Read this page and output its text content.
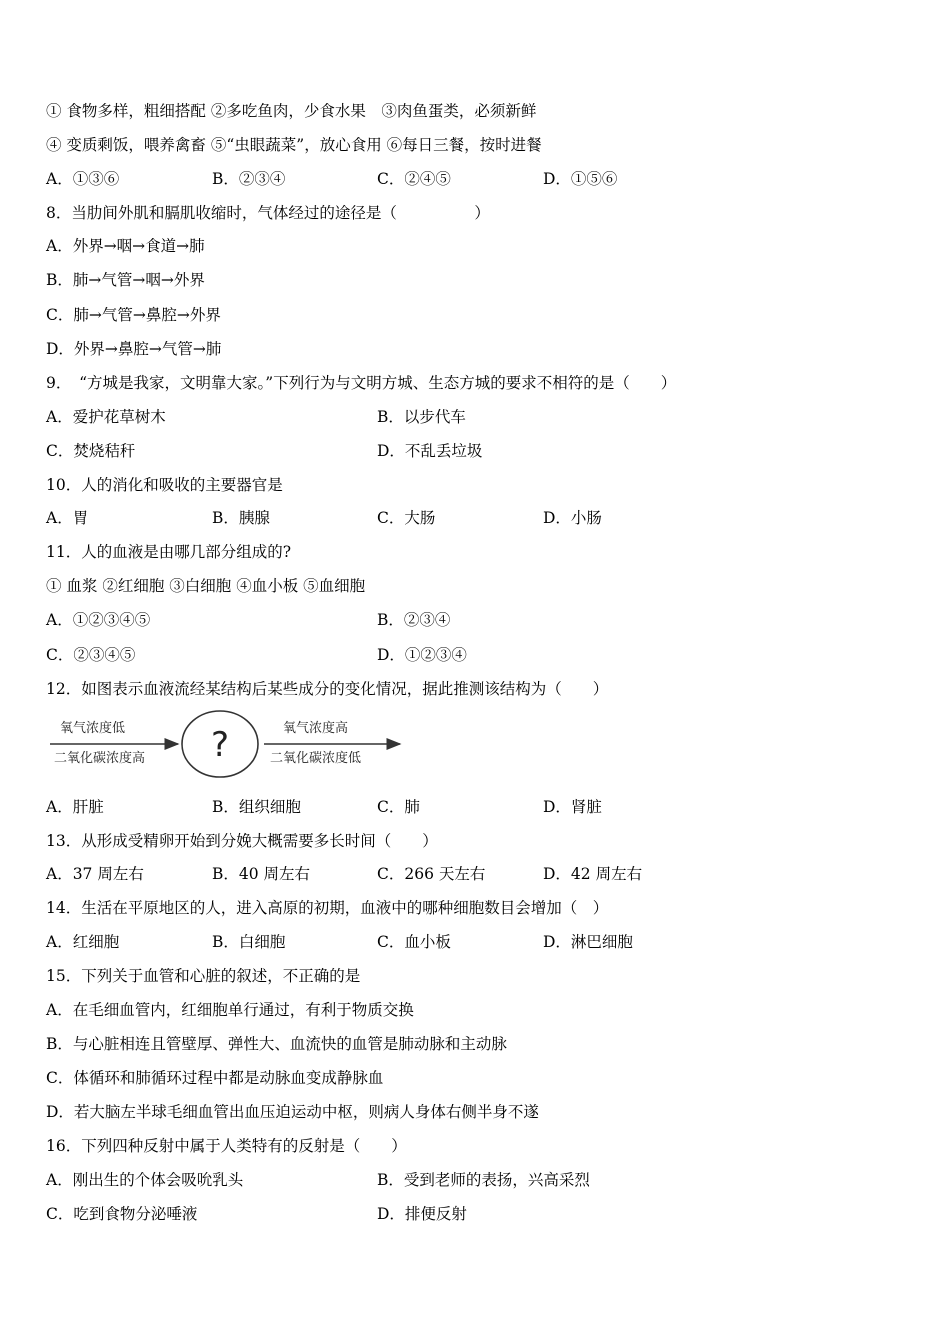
① 食物多样，粗细搭配 ②多吃鱼肉，少食水果　③肉鱼蛋类，必须新鲜
④ 变质剩饭，喂养禽畜 ⑤“虫眼蔬菜”，放心食用 ⑥每日三餐，按时进餐
A．①③⑥	B．②③④	C．②④⑤	D．①⑤⑥
8．当肋间外肌和膈肌收缩时，气体经过的途径是（　　　　　）
A．外界→咽→食道→肺
B．肺→气管→咽→外界
C．肺→气管→鼻腔→外界
D．外界→鼻腔→气管→肺
9．　“方城是我家，文明靠大家。”下列行为与文明方城、生态方城的要求不相符的是（　　）
A．爱护花草树木	B．以步代车
C．焚烧秸秆	D．不乱丢垃圾
10．人的消化和吸收的主要器官是
A．胃	B．胰腺	C．大肠	D．小肠
11．人的血液是由哪几部分组成的?
① 血浆 ②红细胞 ③白细胞 ④血小板 ⑤血细胞
A．①②③④⑤	B．②③④
C．②③④⑤	D．①②③④
12．如图表示血液流经某结构后某些成分的变化情况，据此推测该结构为（　　）
氧气浓度低
二氧化碳浓度高 ?	氧气浓度高
二氧化碳浓度低
A．肝脏	B．组织细胞	C．肺	D．肾脏
13．从形成受精卵开始到分娩大概需要多长时间（　　）
A．37 周左右	B．40 周左右	C．266 天左右	D．42 周左右
14．生活在平原地区的人，进入高原的初期，血液中的哪种细胞数目会增加（　）
A．红细胞	B．白细胞	C．血小板	D．淋巴细胞
15．下列关于血管和心脏的叙述，不正确的是
A．在毛细血管内，红细胞单行通过，有利于物质交换
B．与心脏相连且管壁厚、弹性大、血流快的血管是肺动脉和主动脉
C．体循环和肺循环过程中都是动脉血变成静脉血
D．若大脑左半球毛细血管出血压迫运动中枢，则病人身体右侧半身不遂
16．下列四种反射中属于人类特有的反射是（　　）
A．刚出生的个体会吸吮乳头	B．受到老师的表扬，兴高采烈
C．吃到食物分泌唾液	D．排便反射
